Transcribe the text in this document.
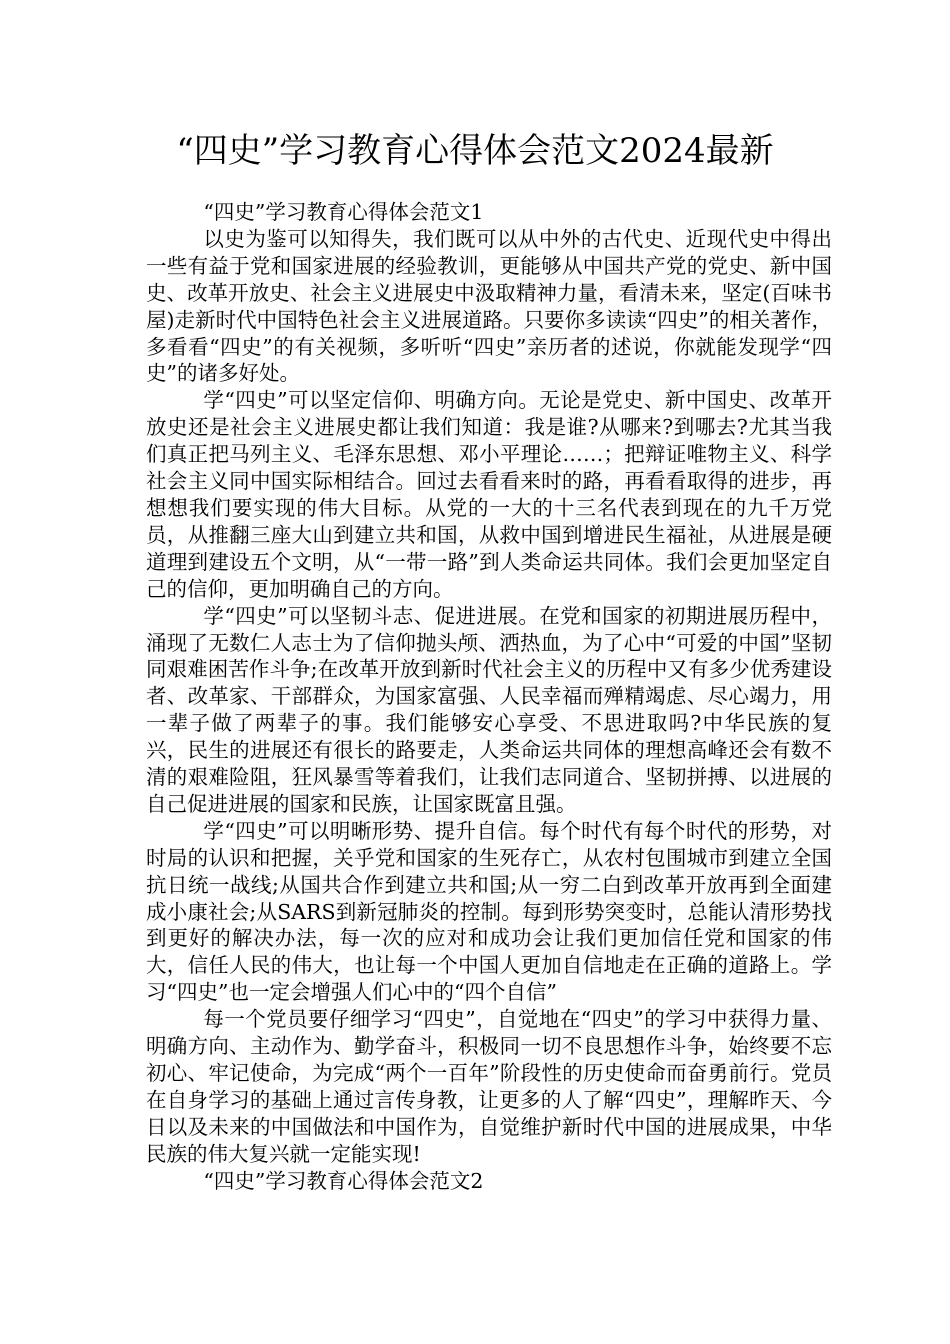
“四史”学习教育心得体会范文2024最新

“四史”学习教育心得体会范文1

以史为鉴可以知得失，我们既可以从中外的古代史、近现代史中得出一些有益于党和国家进展的经验教训，更能够从中国共产党的党史、新中国史、改革开放史、社会主义进展史中汲取精神力量，看清未来，坚定(百味书屋)走新时代中国特色社会主义进展道路。只要你多读读“四史”的相关著作，多看看“四史”的有关视频，多听听“四史”亲历者的述说，你就能发现学“四史”的诸多好处。

学“四史”可以坚定信仰、明确方向。无论是党史、新中国史、改革开放史还是社会主义进展史都让我们知道：我是谁?从哪来?到哪去?尤其当我们真正把马列主义、毛泽东思想、邓小平理论……；把辩证唯物主义、科学社会主义同中国实际相结合。回过去看看来时的路，再看看取得的进步，再想想我们要实现的伟大目标。从党的一大的十三名代表到现在的九千万党员，从推翻三座大山到建立共和国，从救中国到增进民生福祉，从进展是硬道理到建设五个文明，从“一带一路”到人类命运共同体。我们会更加坚定自己的信仰，更加明确自己的方向。

学“四史”可以坚韧斗志、促进进展。在党和国家的初期进展历程中，涌现了无数仁人志士为了信仰抛头颅、洒热血，为了心中“可爱的中国”坚韧同艰难困苦作斗争;在改革开放到新时代社会主义的历程中又有多少优秀建设者、改革家、干部群众，为国家富强、人民幸福而殚精竭虑、尽心竭力，用一辈子做了两辈子的事。我们能够安心享受、不思进取吗?中华民族的复兴，民生的进展还有很长的路要走，人类命运共同体的理想高峰还会有数不清的艰难险阻，狂风暴雪等着我们，让我们志同道合、坚韧拼搏、以进展的自己促进进展的国家和民族，让国家既富且强。

学“四史”可以明晰形势、提升自信。每个时代有每个时代的形势，对时局的认识和把握，关乎党和国家的生死存亡，从农村包围城市到建立全国抗日统一战线;从国共合作到建立共和国;从一穷二白到改革开放再到全面建成小康社会;从SARS到新冠肺炎的控制。每到形势突变时，总能认清形势找到更好的解决办法，每一次的应对和成功会让我们更加信任党和国家的伟大，信任人民的伟大，也让每一个中国人更加自信地走在正确的道路上。学习“四史”也一定会增强人们心中的“四个自信”

每一个党员要仔细学习“四史”，自觉地在“四史”的学习中获得力量、明确方向、主动作为、勤学奋斗，积极同一切不良思想作斗争，始终要不忘初心、牢记使命，为完成“两个一百年”阶段性的历史使命而奋勇前行。党员在自身学习的基础上通过言传身教，让更多的人了解“四史”，理解昨天、今日以及未来的中国做法和中国作为，自觉维护新时代中国的进展成果，中华民族的伟大复兴就一定能实现!

“四史”学习教育心得体会范文2
